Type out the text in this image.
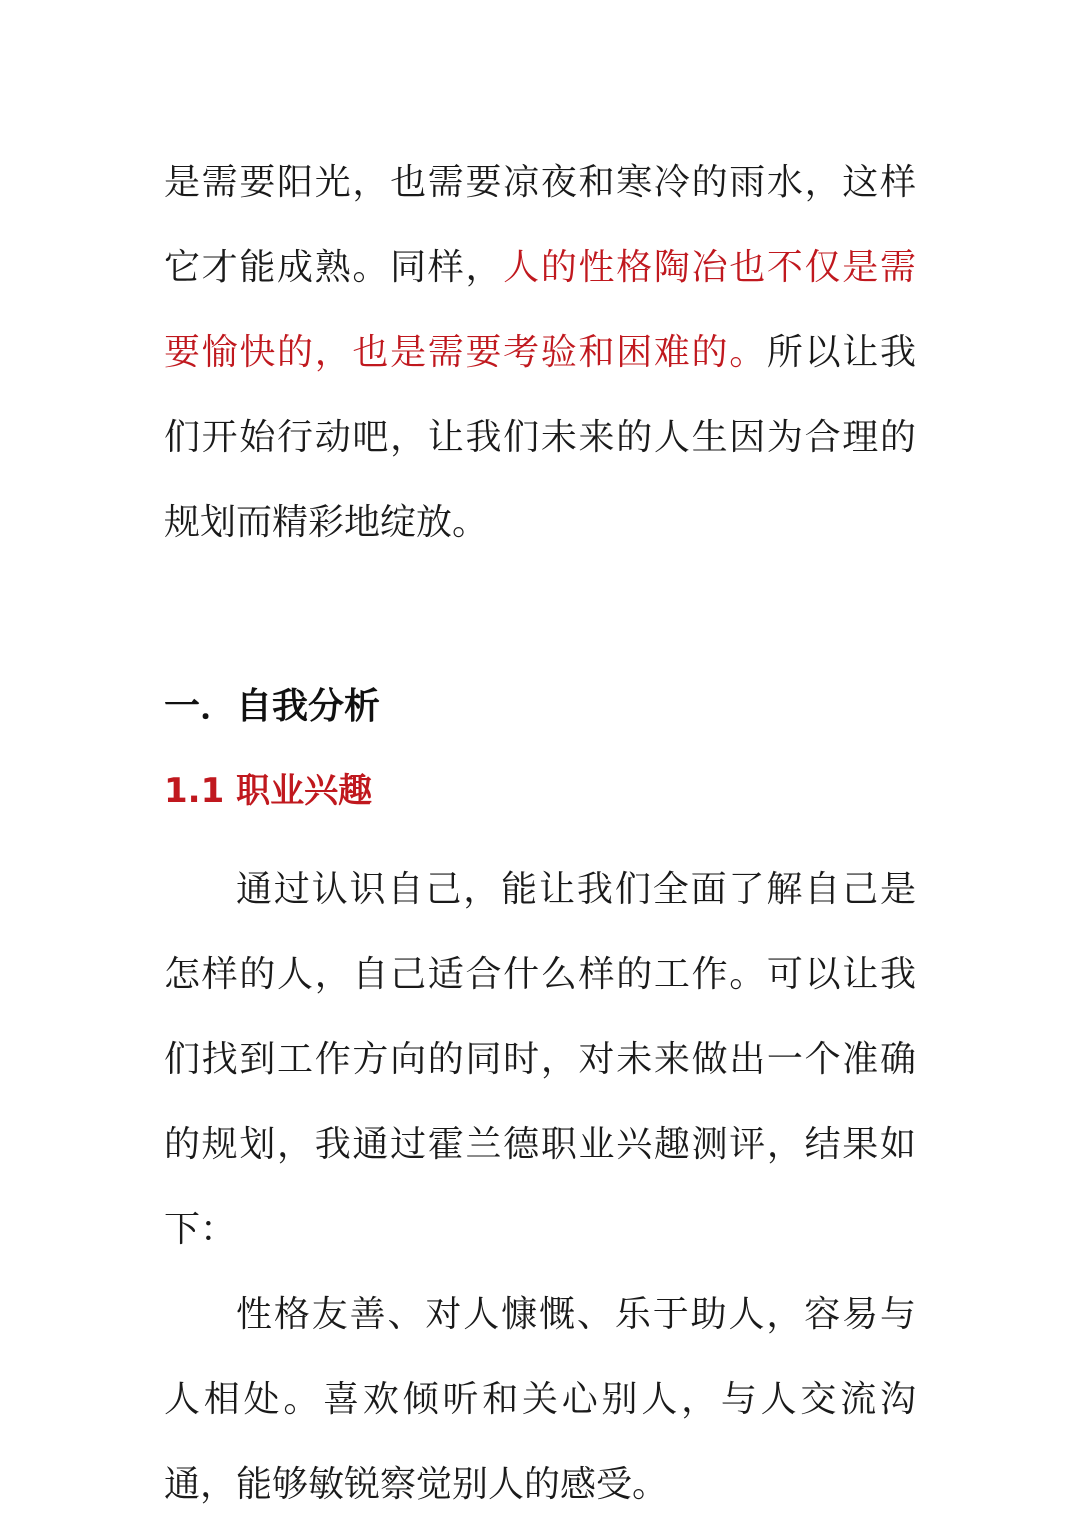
是需要阳光，也需要凉夜和寒冷的雨水，这样它才能成熟。同样，人的性格陶冶也不仅是需要愉快的，也是需要考验和困难的。所以让我们开始行动吧，让我们未来的人生因为合理的规划而精彩地绽放。

一．自我分析
1.1 职业兴趣

通过认识自己，能让我们全面了解自己是怎样的人，自己适合什么样的工作。可以让我们找到工作方向的同时，对未来做出一个准确的规划，我通过霍兰德职业兴趣测评，结果如下：

性格友善、对人慷慨、乐于助人，容易与人相处。喜欢倾听和关心别人，与人交流沟通，能够敏锐察觉别人的感受。
